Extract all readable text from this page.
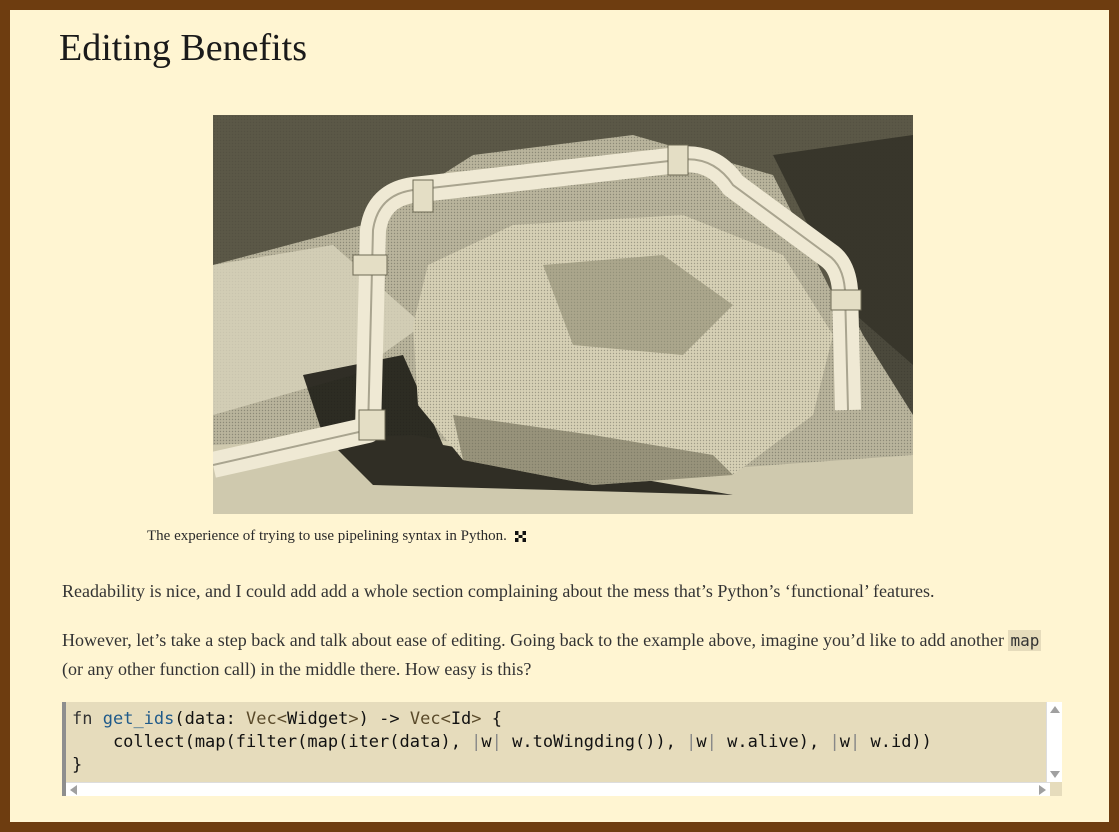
Editing Benefits
The experience of trying to use pipelining syntax in Python.

Readability is nice, and I could add add a whole section complaining about the mess that’s Python’s ‘functional’ features.

However, let’s take a step back and talk about ease of editing. Going back to the example above, imagine you’d like to add another map (or any other function call) in the middle there. How easy is this?

fn get_ids(data: Vec<Widget>) -> Vec<Id> {
collect(map(filter(map(iter(data), |w| w.toWingding()), |w| w.alive), |w| w.id))
}
